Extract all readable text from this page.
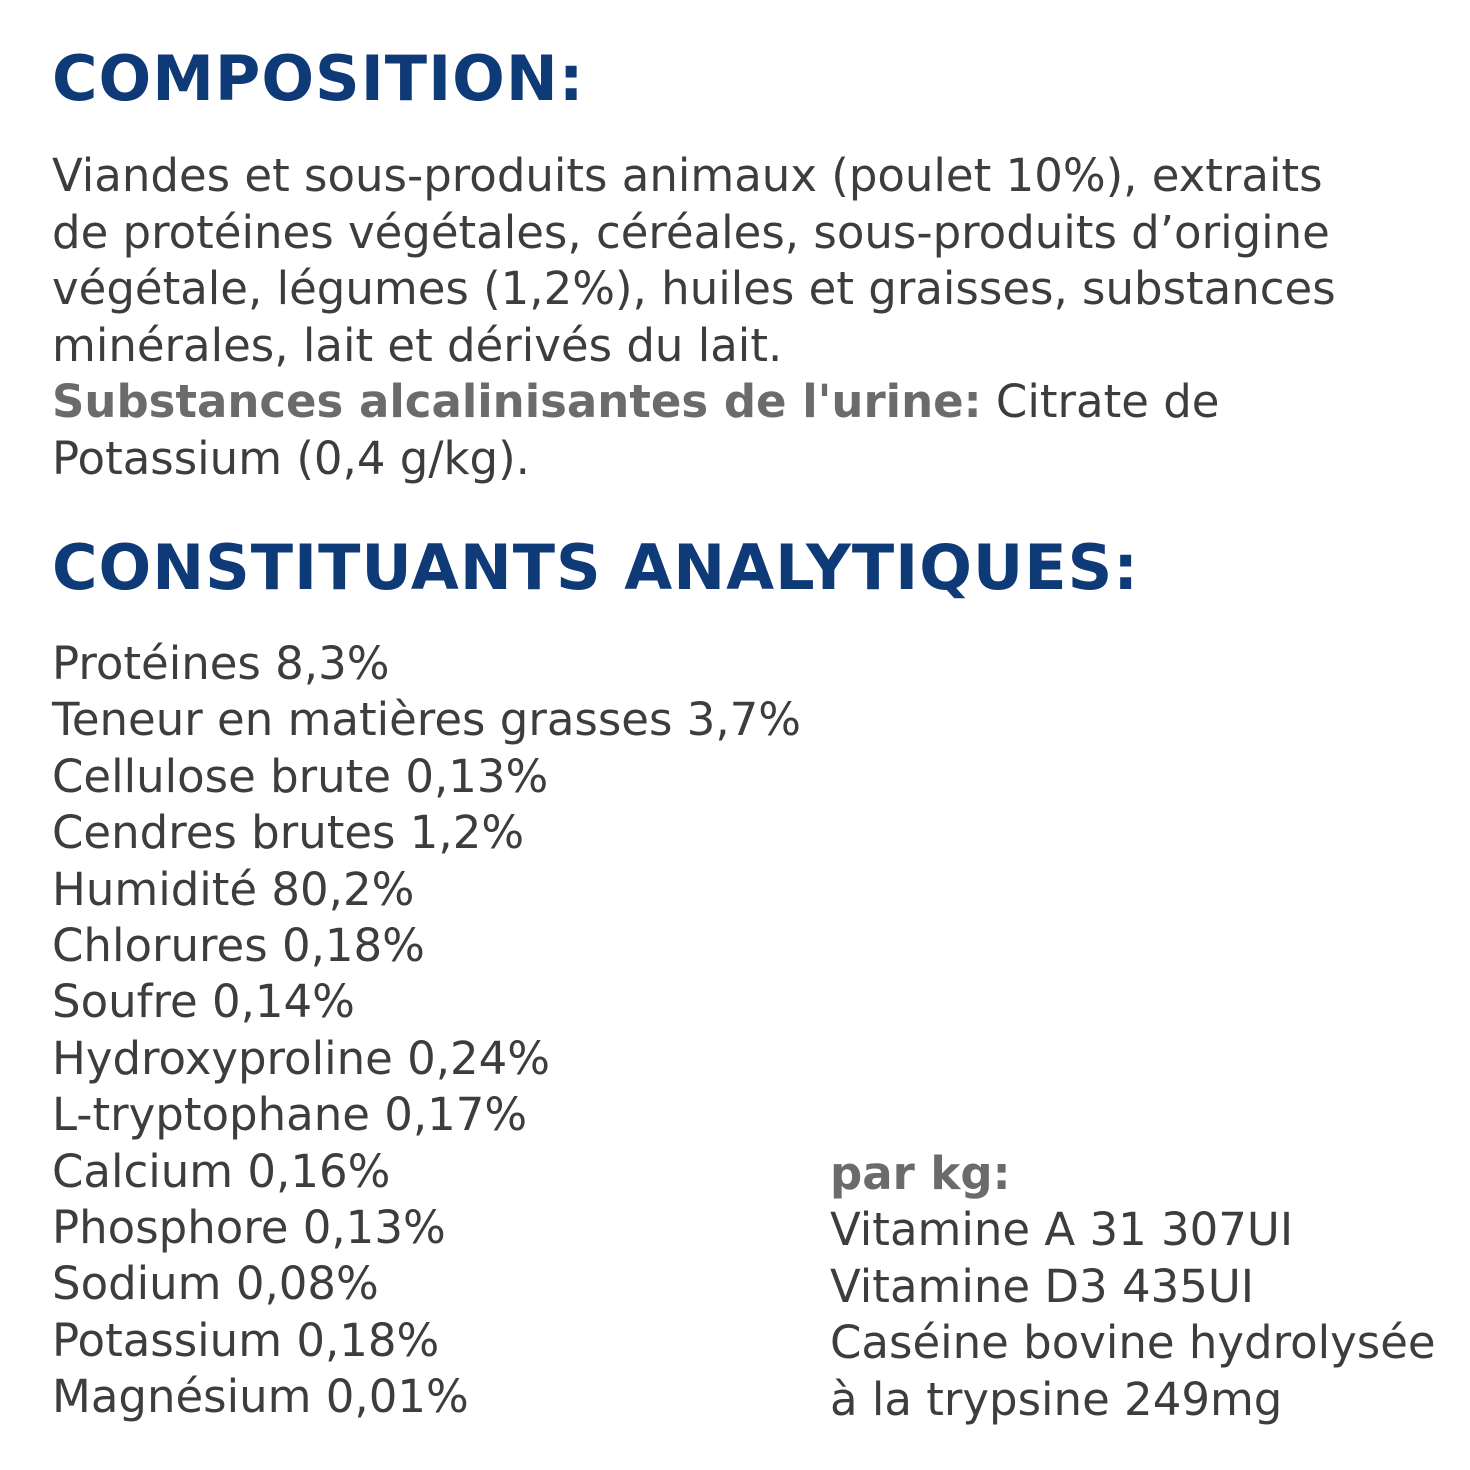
COMPOSITION:

Viandes et sous-produits animaux (poulet 10%), extraits
de protéines végétales, céréales, sous-produits d’origine
végétale, légumes (1,2%), huiles et graisses, substances
minérales, lait et dérivés du lait.
Substances alcalinisantes de l'urine: Citrate de
Potassium (0,4 g/kg).

CONSTITUANTS ANALYTIQUES:
Protéines 8,3%
Teneur en matières grasses 3,7%
Cellulose brute 0,13%
Cendres brutes 1,2%
Humidité 80,2%
Chlorures 0,18%
Soufre 0,14%
Hydroxyproline 0,24%
L-tryptophane 0,17%
Calcium 0,16%
Phosphore 0,13%
Sodium 0,08%
Potassium 0,18%
Magnésium 0,01%
par kg:
Vitamine A 31 307UI
Vitamine D3 435UI
Caséine bovine hydrolysée
à la trypsine 249mg
